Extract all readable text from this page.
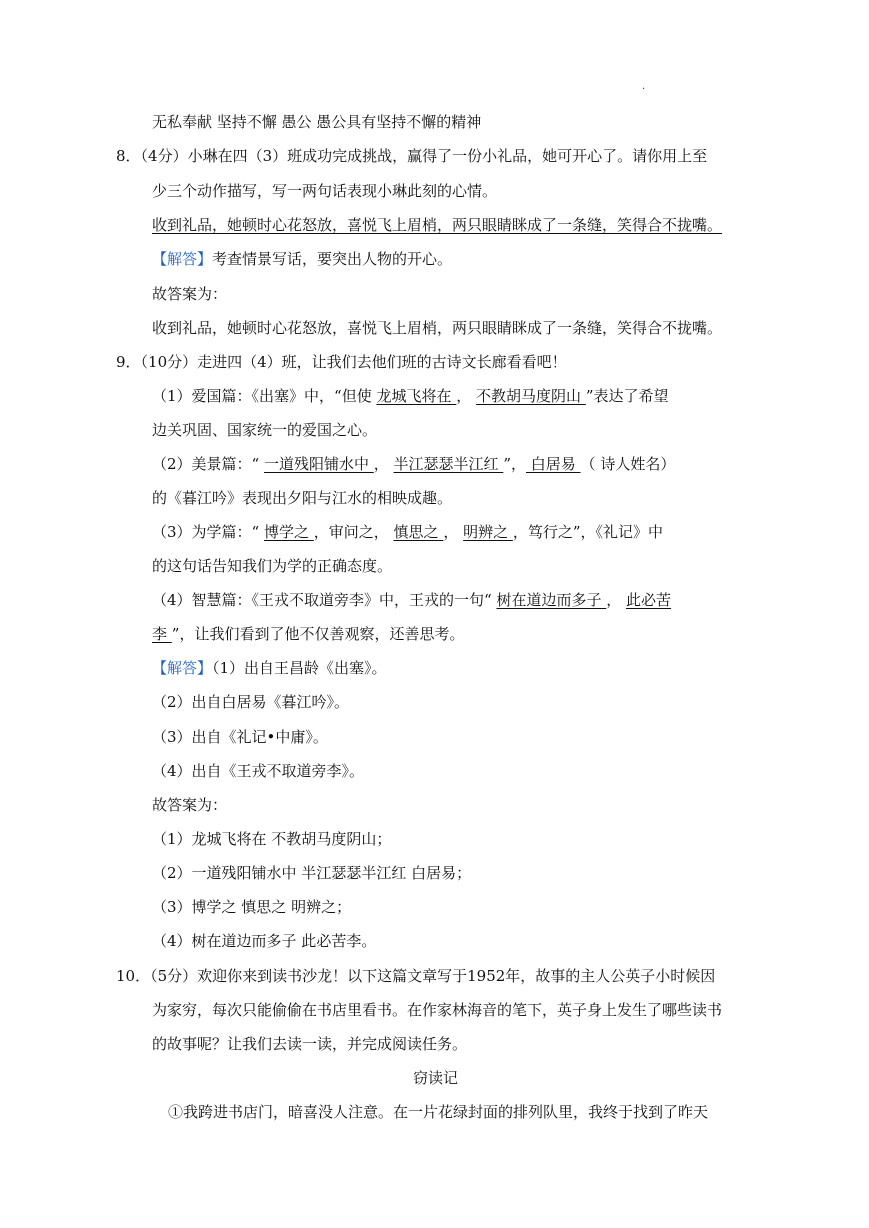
·
无私奉献 坚持不懈 愚公 愚公具有坚持不懈的精神
8．（4分）小琳在四（3）班成功完成挑战，赢得了一份小礼品，她可开心了。请你用上至
少三个动作描写，写一两句话表现小琳此刻的心情。
收到礼品，她顿时心花怒放，喜悦飞上眉梢，两只眼睛眯成了一条缝，笑得合不拢嘴。
【解答】考查情景写话，要突出人物的开心。
故答案为：
收到礼品，她顿时心花怒放，喜悦飞上眉梢，两只眼睛眯成了一条缝，笑得合不拢嘴。
9．（10分）走进四（4）班，让我们去他们班的古诗文长廊看看吧！
（1）爱国篇：《出塞》中，“但使 龙城飞将在 ， 不教胡马度阴山 ”表达了希望
边关巩固、国家统一的爱国之心。
（2）美景篇：“ 一道残阳铺水中 ， 半江瑟瑟半江红 ”， 白居易 （ 诗人姓名）
的《暮江吟》表现出夕阳与江水的相映成趣。
（3）为学篇：“ 博学之 ，审问之， 慎思之 ， 明辨之 ，笃行之”，《礼记》中
的这句话告知我们为学的正确态度。
（4）智慧篇：《王戎不取道旁李》中，王戎的一句“ 树在道边而多子 ， 此必苦
李 ”，让我们看到了他不仅善观察，还善思考。
【解答】（1）出自王昌龄《出塞》。
（2）出自白居易《暮江吟》。
（3）出自《礼记•中庸》。
（4）出自《王戎不取道旁李》。
故答案为：
（1）龙城飞将在 不教胡马度阴山；
（2）一道残阳铺水中 半江瑟瑟半江红 白居易；
（3）博学之 慎思之 明辨之；
（4）树在道边而多子 此必苦李。
10．（5分）欢迎你来到读书沙龙！以下这篇文章写于1952年，故事的主人公英子小时候因
为家穷，每次只能偷偷在书店里看书。在作家林海音的笔下，英子身上发生了哪些读书
的故事呢？让我们去读一读，并完成阅读任务。
窃读记
①我跨进书店门，暗喜没人注意。在一片花绿封面的排列队里，我终于找到了昨天
